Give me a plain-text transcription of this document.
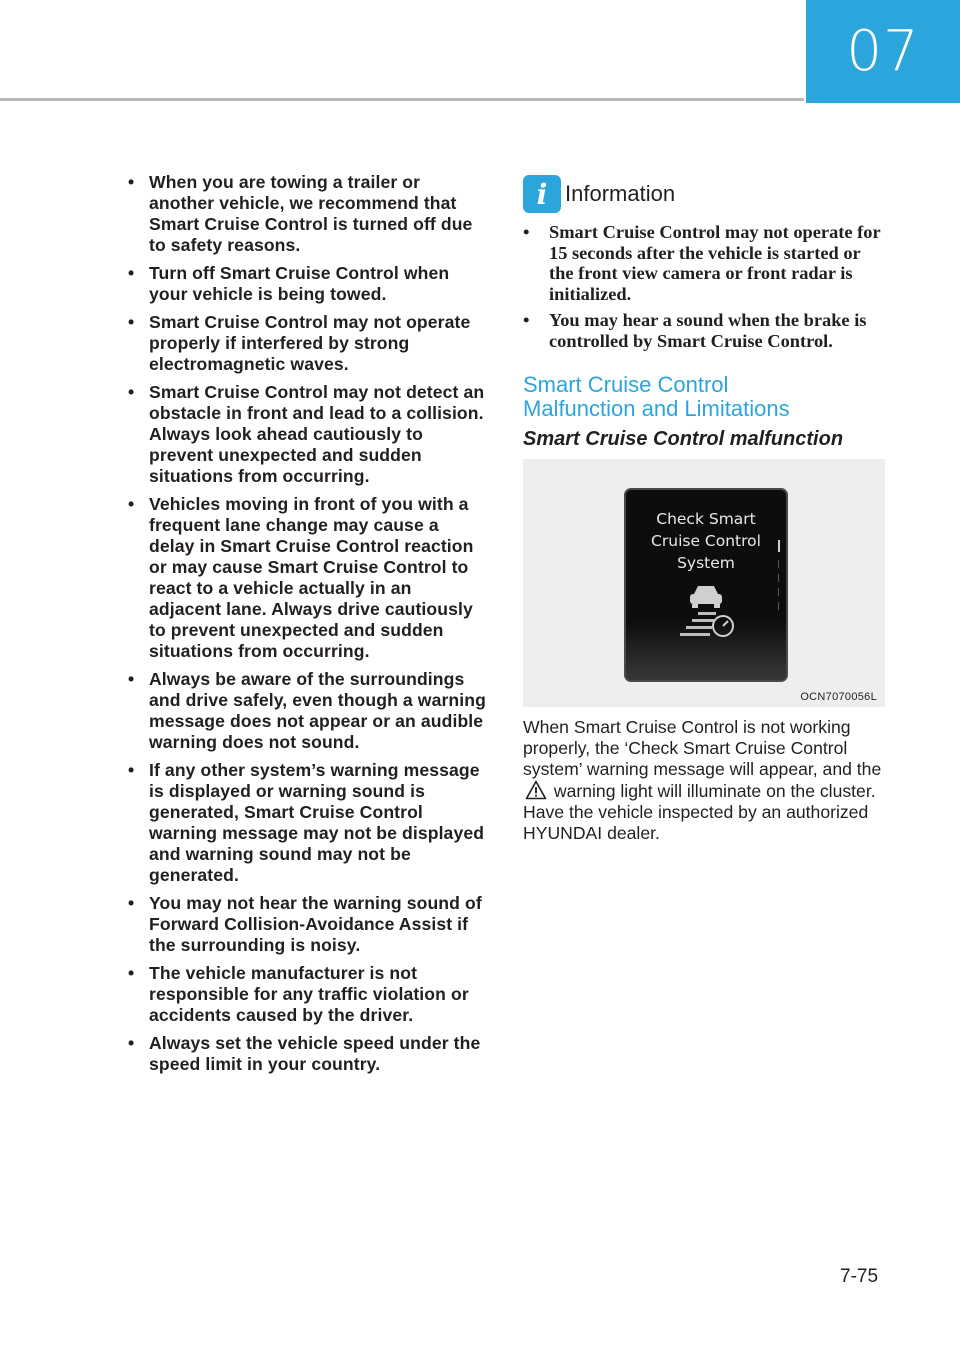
07
• When you are towing a trailer or another vehicle, we recommend that Smart Cruise Control is turned off due to safety reasons.
• Turn off Smart Cruise Control when your vehicle is being towed.
• Smart Cruise Control may not operate properly if interfered by strong electromagnetic waves.
• Smart Cruise Control may not detect an obstacle in front and lead to a collision. Always look ahead cautiously to prevent unexpected and sudden situations from occurring.
• Vehicles moving in front of you with a frequent lane change may cause a delay in Smart Cruise Control reaction or may cause Smart Cruise Control to react to a vehicle actually in an adjacent lane. Always drive cautiously to prevent unexpected and sudden situations from occurring.
• Always be aware of the surroundings and drive safely, even though a warning message does not appear or an audible warning does not sound.
• If any other system’s warning message is displayed or warning sound is generated, Smart Cruise Control warning message may not be displayed and warning sound may not be generated.
• You may not hear the warning sound of Forward Collision-Avoidance Assist if the surrounding is noisy.
• The vehicle manufacturer is not responsible for any traffic violation or accidents caused by the driver.
• Always set the vehicle speed under the speed limit in your country.
i Information
• Smart Cruise Control may not operate for 15 seconds after the vehicle is started or the front view camera or front radar is initialized.
• You may hear a sound when the brake is controlled by Smart Cruise Control.
Smart Cruise Control
Malfunction and Limitations
Smart Cruise Control malfunction
Check Smart
Cruise Control
System
OCN7070056L

When Smart Cruise Control is not working properly, the ‘Check Smart Cruise Control system’ warning message will appear, and the  warning light will illuminate on the cluster. Have the vehicle inspected by an authorized HYUNDAI dealer.

7-75
